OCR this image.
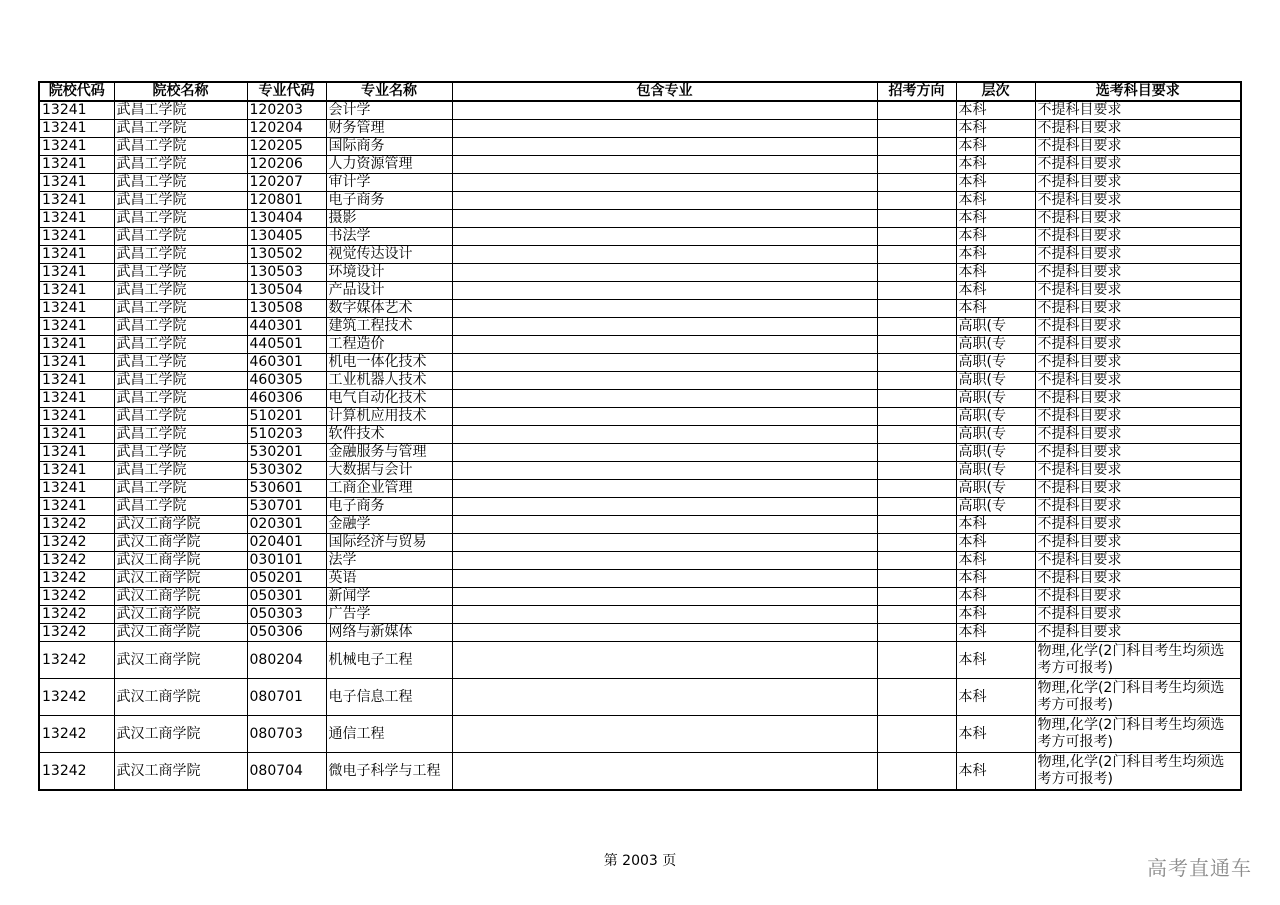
院校代码	院校名称	专业代码	专业名称	包含专业	招考方向	层次	选考科目要求
13241	武昌工学院	120203	会计学			本科	不提科目要求
13241	武昌工学院	120204	财务管理			本科	不提科目要求
13241	武昌工学院	120205	国际商务			本科	不提科目要求
13241	武昌工学院	120206	人力资源管理			本科	不提科目要求
13241	武昌工学院	120207	审计学			本科	不提科目要求
13241	武昌工学院	120801	电子商务			本科	不提科目要求
13241	武昌工学院	130404	摄影			本科	不提科目要求
13241	武昌工学院	130405	书法学			本科	不提科目要求
13241	武昌工学院	130502	视觉传达设计			本科	不提科目要求
13241	武昌工学院	130503	环境设计			本科	不提科目要求
13241	武昌工学院	130504	产品设计			本科	不提科目要求
13241	武昌工学院	130508	数字媒体艺术			本科	不提科目要求
13241	武昌工学院	440301	建筑工程技术			高职(专	不提科目要求
13241	武昌工学院	440501	工程造价			高职(专	不提科目要求
13241	武昌工学院	460301	机电一体化技术			高职(专	不提科目要求
13241	武昌工学院	460305	工业机器人技术			高职(专	不提科目要求
13241	武昌工学院	460306	电气自动化技术			高职(专	不提科目要求
13241	武昌工学院	510201	计算机应用技术			高职(专	不提科目要求
13241	武昌工学院	510203	软件技术			高职(专	不提科目要求
13241	武昌工学院	530201	金融服务与管理			高职(专	不提科目要求
13241	武昌工学院	530302	大数据与会计			高职(专	不提科目要求
13241	武昌工学院	530601	工商企业管理			高职(专	不提科目要求
13241	武昌工学院	530701	电子商务			高职(专	不提科目要求
13242	武汉工商学院	020301	金融学			本科	不提科目要求
13242	武汉工商学院	020401	国际经济与贸易			本科	不提科目要求
13242	武汉工商学院	030101	法学			本科	不提科目要求
13242	武汉工商学院	050201	英语			本科	不提科目要求
13242	武汉工商学院	050301	新闻学			本科	不提科目要求
13242	武汉工商学院	050303	广告学			本科	不提科目要求
13242	武汉工商学院	050306	网络与新媒体			本科	不提科目要求
13242	武汉工商学院	080204	机械电子工程			本科	物理,化学(2门科目考生均须选考方可报考)
13242	武汉工商学院	080701	电子信息工程			本科	物理,化学(2门科目考生均须选考方可报考)
13242	武汉工商学院	080703	通信工程			本科	物理,化学(2门科目考生均须选考方可报考)
13242	武汉工商学院	080704	微电子科学与工程			本科	物理,化学(2门科目考生均须选考方可报考)
第 2003 页	高考直通车
